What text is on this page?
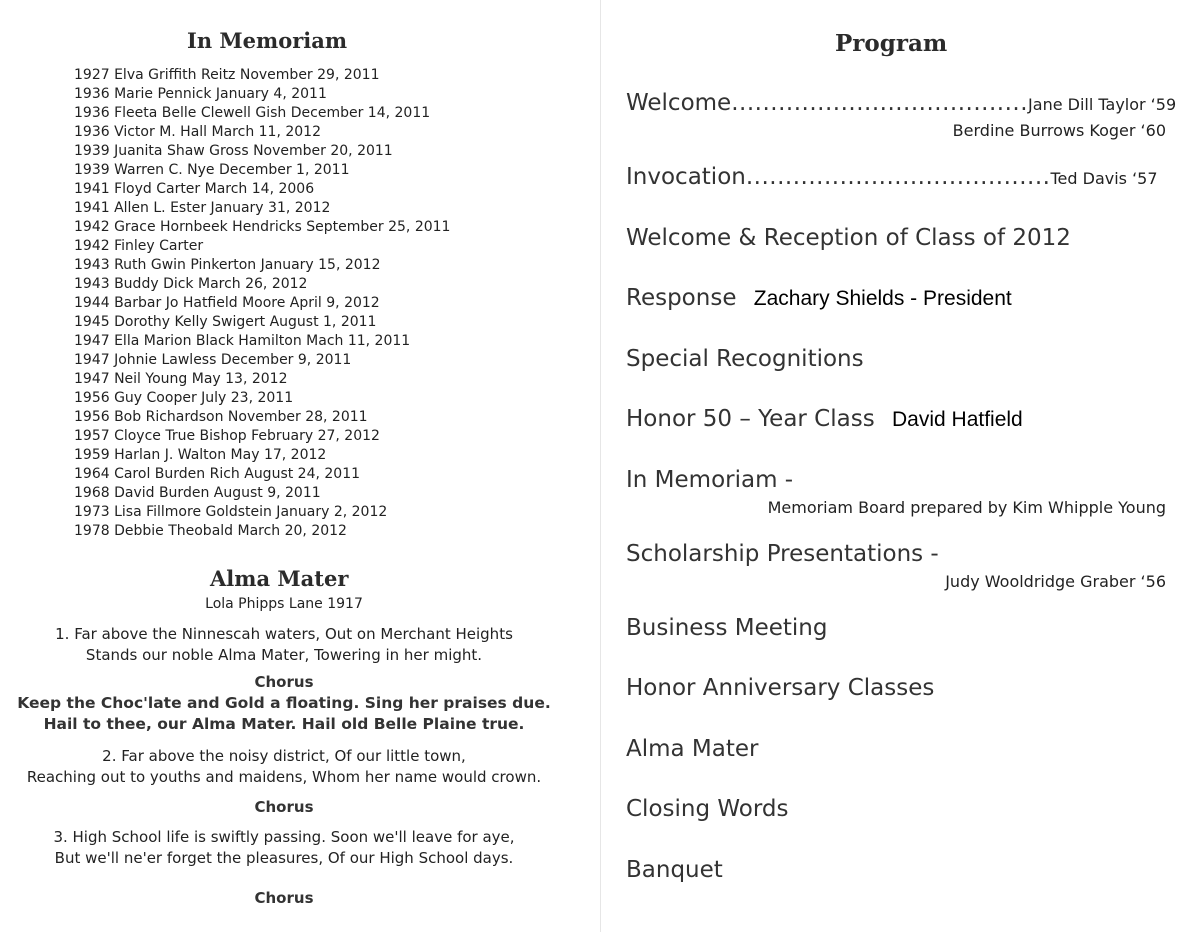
In Memoriam
1927 Elva Griffith Reitz November 29, 2011
1936 Marie Pennick January 4, 2011
1936 Fleeta Belle Clewell Gish December 14, 2011
1936 Victor M. Hall March 11, 2012
1939 Juanita Shaw Gross November 20, 2011
1939 Warren C. Nye December 1, 2011
1941 Floyd Carter March 14, 2006
1941 Allen L. Ester January 31, 2012
1942 Grace Hornbeek Hendricks September 25, 2011
1942 Finley Carter
1943 Ruth Gwin Pinkerton January 15, 2012
1943 Buddy Dick March 26, 2012
1944 Barbar Jo Hatfield Moore April 9, 2012
1945 Dorothy Kelly Swigert August 1, 2011
1947 Ella Marion Black Hamilton Mach 11, 2011
1947 Johnie Lawless December 9, 2011
1947 Neil Young May 13, 2012
1956 Guy Cooper July 23, 2011
1956 Bob Richardson November 28, 2011
1957 Cloyce True Bishop February 27, 2012
1959 Harlan J. Walton May 17, 2012
1964 Carol Burden Rich August 24, 2011
1968 David Burden August 9, 2011
1973 Lisa Fillmore Goldstein January 2, 2012
1978 Debbie Theobald March 20, 2012
Alma Mater
Lola Phipps Lane 1917
1. Far above the Ninnescah waters, Out on Merchant Heights
Stands our noble Alma Mater, Towering in her might.
Chorus
Keep the Choc'late and Gold a floating. Sing her praises due.
Hail to thee, our Alma Mater. Hail old Belle Plaine true.
2. Far above the noisy district, Of our little town,
Reaching out to youths and maidens, Whom her name would crown.
Chorus
3. High School life is swiftly passing. Soon we'll leave for aye,
But we'll ne'er forget the pleasures, Of our High School days.
Chorus
Program
Welcome......................................Jane Dill Taylor ‘59
Berdine Burrows Koger ‘60
Invocation.......................................Ted Davis ‘57
Welcome & Reception of Class of 2012
Response Zachary Shields - President
Special Recognitions
Honor 50 – Year Class David Hatfield
In Memoriam -
Memoriam Board prepared by Kim Whipple Young
Scholarship Presentations -
Judy Wooldridge Graber ‘56
Business Meeting
Honor Anniversary Classes
Alma Mater
Closing Words
Banquet
